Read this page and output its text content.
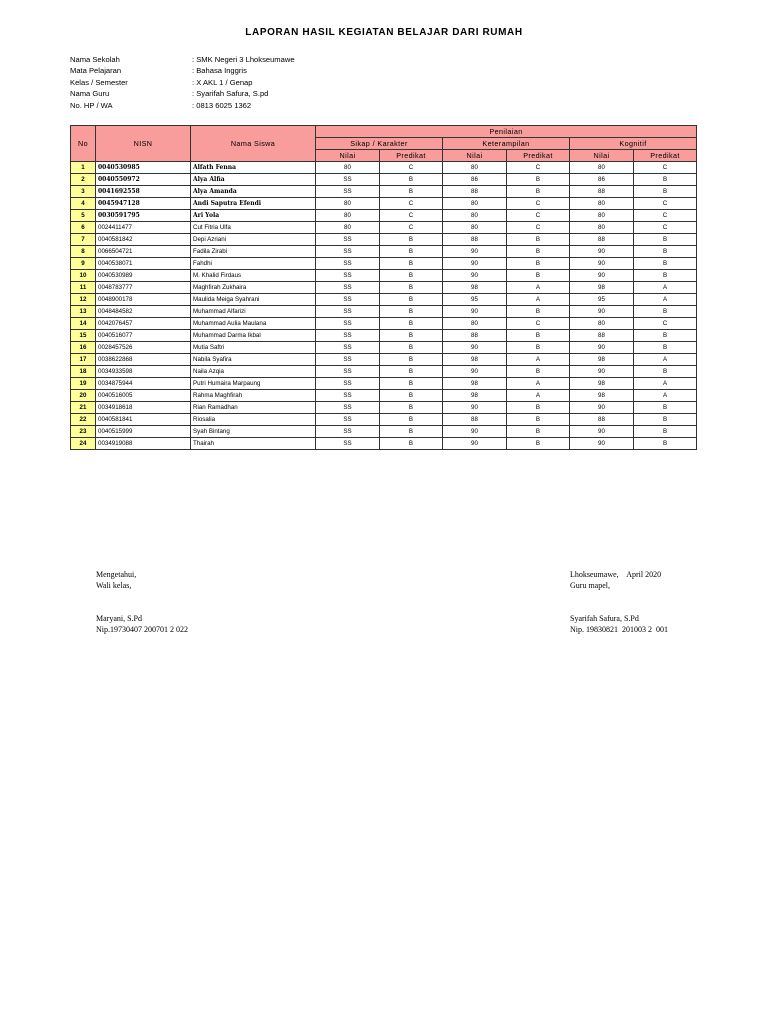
LAPORAN HASIL KEGIATAN BELAJAR DARI RUMAH
Nama Sekolah	: SMK Negeri 3 Lhokseumawe
Mata Pelajaran	: Bahasa Inggris
Kelas / Semester	: X AKL 1 / Genap
Nama Guru	: Syarifah Safura, S.pd
No. HP / WA	: 0813 6025 1362
No	NISN	Nama Siswa	Penilaian					
			Sikap / Karakter		Keterampilan		Kognitif	
			Nilai	Predikat	Nilai	Predikat	Nilai	Predikat
1	0040530985	Alfath Fenna	80	C	80	C	80	C
2	0040550972	Alya Alfia	SS	B	86	B	86	B
3	0041692558	Alya Amanda	SS	B	88	B	88	B
4	0045947128	Andi Saputra Efendi	80	C	80	C	80	C
5	0030591795	Ari Yola	80	C	80	C	80	C
6	0024411477	Cut Fitria Ulfa	80	C	80	C	80	C
7	0040581842	Depi Azriani	SS	B	88	B	88	B
8	0066504721	Fadila Zirabi	SS	B	90	B	90	B
9	0040538071	Fahdhi	SS	B	90	B	90	B
10	0040530989	M. Khalid Firdaus	SS	B	90	B	90	B
11	0048783777	Maghfirah Zukhaira	SS	B	98	A	98	A
12	0048900178	Maulida Meiga Syahrani	SS	B	95	A	95	A
13	0048484582	Muhammad Alfarizi	SS	B	90	B	90	B
14	0042076457	Muhammad Aulia Maulana	SS	B	80	C	80	C
15	0040516077	Muhammad Darma Ikbal	SS	B	88	B	88	B
16	0028457526	Mutia Saftri	SS	B	90	B	90	B
17	0038622868	Nabila Syafira	SS	B	98	A	98	A
18	0034933598	Naila Azqia	SS	B	90	B	90	B
19	0034875944	Putri Humaira Marpaung	SS	B	98	A	98	A
20	0040516005	Rahma Maghfirah	SS	B	98	A	98	A
21	0034918618	Rian Ramadhan	SS	B	90	B	90	B
22	0040581841	Riosalia	SS	B	88	B	88	B
23	0040515999	Syah Bintang	SS	B	90	B	90	B
24	0034919088	Thairah	SS	B	90	B	90	B
Mengetahui,
Wali kelas,
Maryani, S.Pd
Nip.19730407 200701 2 022
Lhokseumawe,    April 2020
Guru mapel,
Syarifah Safura, S.Pd
Nip. 19830821  201003 2  001
